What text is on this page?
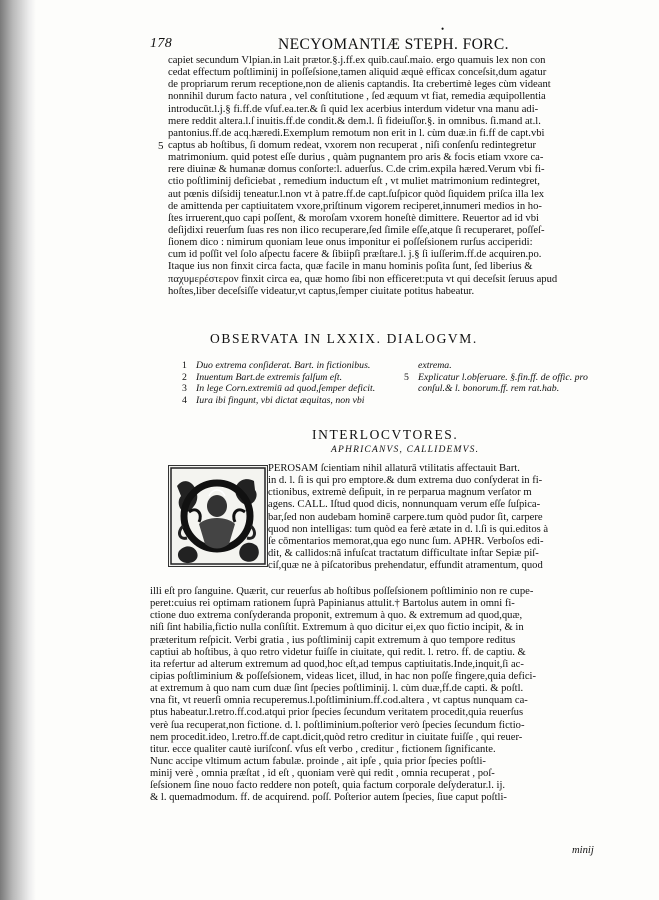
•
178	NECYOMANTIÆ STEPH. FORC.
capiet secundum Vlpian.in l.ait prætor.§.j.ff.ex quib.cauſ.maio. ergo quamuis lex non con
cedat effectum poſtliminij in poſſeſsione,tamen aliquid æquè efficax conceſsit,dum agatur
de propriarum rerum receptione,non de alienis captandis. Ita crebertimè leges cùm videant
nonnihil durum facto natura , vel conſtitutione , ſed æquum vt fiat, remedia æquipollentia
introducūt.l.j.§ fi.ff.de vſuf.ea.ter.& ſi quid lex acerbius interdum videtur vna manu adi-
mere reddit altera.l.ſ inuitis.ff.de condit.& dem.l. ſi fideiuſſor.§. in omnibus. ſi.mand at.l.
pantonius.ff.de acq.hæredi.Exemplum remotum non erit in l. cùm duæ.in fi.ff de capt.vbi
captus ab hoſtibus, ſi domum redeat, vxorem non recuperat , niſi conſenſu redintegretur
matrimonium. quid potest eſſe durius , quàm pugnantem pro aris & focis etiam vxore ca-
rere diuinæ & humanæ domus conſorte:l. aduerſus. C.de crim.expila hæred.Verum vbi fi-
ctio poſtliminij deficiebat , remedium inductum eſt , vt muliet matrimonium redintegret,
aut pœnis diſsidij teneatur.l.non vt à patre.ff.de capt.ſuſpicor quòd ſiquidem priſca illa lex
de amittenda per captiuitatem vxore,priſtinum vigorem reciperet,innumeri medios in ho-
ſtes irruerent,quo capi poſſent, & moroſam vxorem honeſtè dimittere. Reuertor ad id vbi
deſijdixi reuerſum ſuas res non ilico recuperare,ſed ſimile eſſe,atque ſi recuperaret, poſſeſ-
ſionem dico : nimirum quoniam leue onus imponitur ei poſſeſsionem rurſus acciperidi:
cum id poſſit vel ſolo aſpectu facere & ſibiipſi præſtare.l. j.§ ſi iuſſerim.ff.de acquiren.po.
Itaque ius non finxit circa facta, quæ facile in manu hominis poſita ſunt, ſed liberius &
παχυμερέστερον finxit circa ea, quæ homo ſibi non efficeret:puta vt qui deceſsit ſeruus apud
hoſtes,liber deceſsiſſe videatur,vt captus,ſemper ciuitate potitus habeatur.
5
OBSERVATA IN LXXIX. DIALOGVM.
1 Duo extrema conſiderat. Bart. in fictionibus.
2 Inuentum Bart.de extremis falſum eſt.
3 In lege Corn.extremiū ad quod,ſemper deficit.
4 Iura ibi fingunt, vbi dictat æquitas, non vbi
extrema.
5 Explicatur l.obſeruare. §.fin.ff. de offic. pro
conſul.& l. bonorum.ff. rem rat.hab.
INTERLOCVTORES.
APHRICANVS, CALLIDEMVS.
PEROSAM ſcientiam nihil allaturā vtilitatis affectauit Bart.
in d. l. ſi is qui pro emptore.& dum extrema duo conſyderat in fi-
ctionibus, extremè deſipuit, in re perparua magnum verſator m
agens. CALL. Iſtud quod dicis, nonnunquam verum eſſe ſuſpica-
bar,ſed non audebam hominē carpere.tum quòd pudor ſit, carpere
quod non intelligas: tum quòd ea ferè ætate in d. l.ſi is qui.editos à
ſe cōmentarios memorat,qua ego nunc ſum. APHR. Verboſos edi-
dit, & callidos:nā infuſcat tractatum difficultate inſtar Sepiæ piſ-
ciſ,quæ ne à piſcatoribus prehendatur, effundit atramentum, quod
illi eſt pro ſanguine. Quærit, cur reuerſus ab hoſtibus poſſeſsionem poſtliminio non re cupe-
peret:cuius rei optimam rationem ſuprà Papinianus attulit.† Bartolus autem in omni fi-
ctione duo extrema conſyderanda proponit, extremum à quo. & extremum ad quod,quæ,
niſi ſint habilia,fictio nulla conſiſtit. Extremum à quo dicitur ei,ex quo fictio incipit, & in
præteritum reſpicit. Verbi gratia , ius poſtliminij capit extremum à quo tempore reditus
captiui ab hoſtibus, à quo retro videtur fuiſſe in ciuitate, qui redit. l. retro. ff. de captiu. &
ita refertur ad alterum extremum ad quod,hoc eſt,ad tempus captiuitatis.Inde,inquit,ſi ac-
cipias poſtliminium & poſſeſsionem, videas licet, illud, in hac non poſſe fingere,quia defici-
at extremum à quo nam cum duæ ſint ſpecies poſtliminij. l. cùm duæ,ff.de capti. & poſtl.
vna fit, vt reuerſi omnia recuperemus.l.poſtliminium.ff.cod.altera , vt captus nunquam ca-
ptus habeatur.l.retro.ff.cod.atqui prior ſpecies ſecundum veritatem procedit,quia reuerſus
verè ſua recuperat,non fictione. d. l. poſtliminium.poſterior verò ſpecies ſecundum fictio-
nem procedit.ideo, l.retro.ff.de capt.dicit,quòd retro creditur in ciuitate fuiſſe , qui reuer-
titur. ecce qualiter cautè iuriſconſ. vſus eſt verbo , creditur , fictionem ſignificante.
Nunc accipe vltimum actum fabulæ. proinde , ait ipſe , quia prior ſpecies poſtli-
minij verè , omnia præſtat , id eſt , quoniam verè qui redit , omnia recuperat , poſ-
ſeſsionem ſine nouo facto reddere non poteſt, quia factum corporale deſyderatur.l. ij.
& l. quemadmodum. ff. de acquirend. poſſ. Poſterior autem ſpecies, ſiue caput poſtli-
minij
